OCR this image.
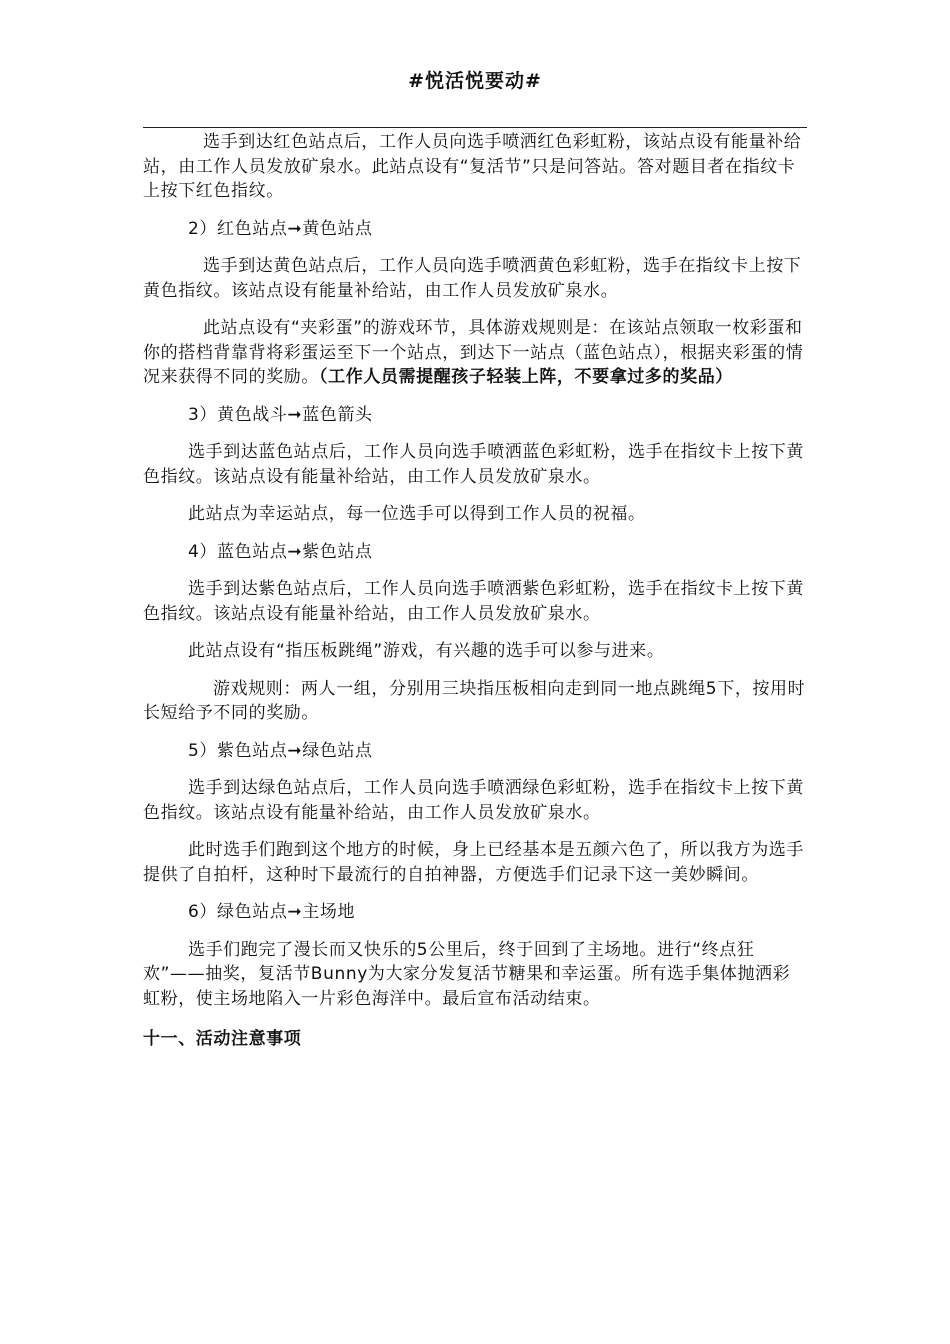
#悦活悦要动#

选手到达红色站点后，工作人员向选手喷洒红色彩虹粉，该站点设有能量补给站，由工作人员发放矿泉水。此站点设有“复活节”只是问答站。答对题目者在指纹卡上按下红色指纹。

2）红色站点➞黄色站点

选手到达黄色站点后，工作人员向选手喷洒黄色彩虹粉，选手在指纹卡上按下黄色指纹。该站点设有能量补给站，由工作人员发放矿泉水。

此站点设有“夹彩蛋”的游戏环节，具体游戏规则是：在该站点领取一枚彩蛋和你的搭档背靠背将彩蛋运至下一个站点，到达下一站点（蓝色站点），根据夹彩蛋的情况来获得不同的奖励。（工作人员需提醒孩子轻装上阵，不要拿过多的奖品）

3）黄色战斗➞蓝色箭头

选手到达蓝色站点后，工作人员向选手喷洒蓝色彩虹粉，选手在指纹卡上按下黄色指纹。该站点设有能量补给站，由工作人员发放矿泉水。

此站点为幸运站点，每一位选手可以得到工作人员的祝福。

4）蓝色站点➞紫色站点

选手到达紫色站点后，工作人员向选手喷洒紫色彩虹粉，选手在指纹卡上按下黄色指纹。该站点设有能量补给站，由工作人员发放矿泉水。

此站点设有“指压板跳绳”游戏，有兴趣的选手可以参与进来。

游戏规则：两人一组，分别用三块指压板相向走到同一地点跳绳5下，按用时长短给予不同的奖励。

5）紫色站点➞绿色站点

选手到达绿色站点后，工作人员向选手喷洒绿色彩虹粉，选手在指纹卡上按下黄色指纹。该站点设有能量补给站，由工作人员发放矿泉水。

此时选手们跑到这个地方的时候，身上已经基本是五颜六色了，所以我方为选手提供了自拍杆，这种时下最流行的自拍神器，方便选手们记录下这一美妙瞬间。

6）绿色站点➞主场地

选手们跑完了漫长而又快乐的5公里后，终于回到了主场地。进行“终点狂欢”——抽奖，复活节Bunny为大家分发复活节糖果和幸运蛋。所有选手集体抛洒彩虹粉，使主场地陷入一片彩色海洋中。最后宣布活动结束。

十一、活动注意事项
